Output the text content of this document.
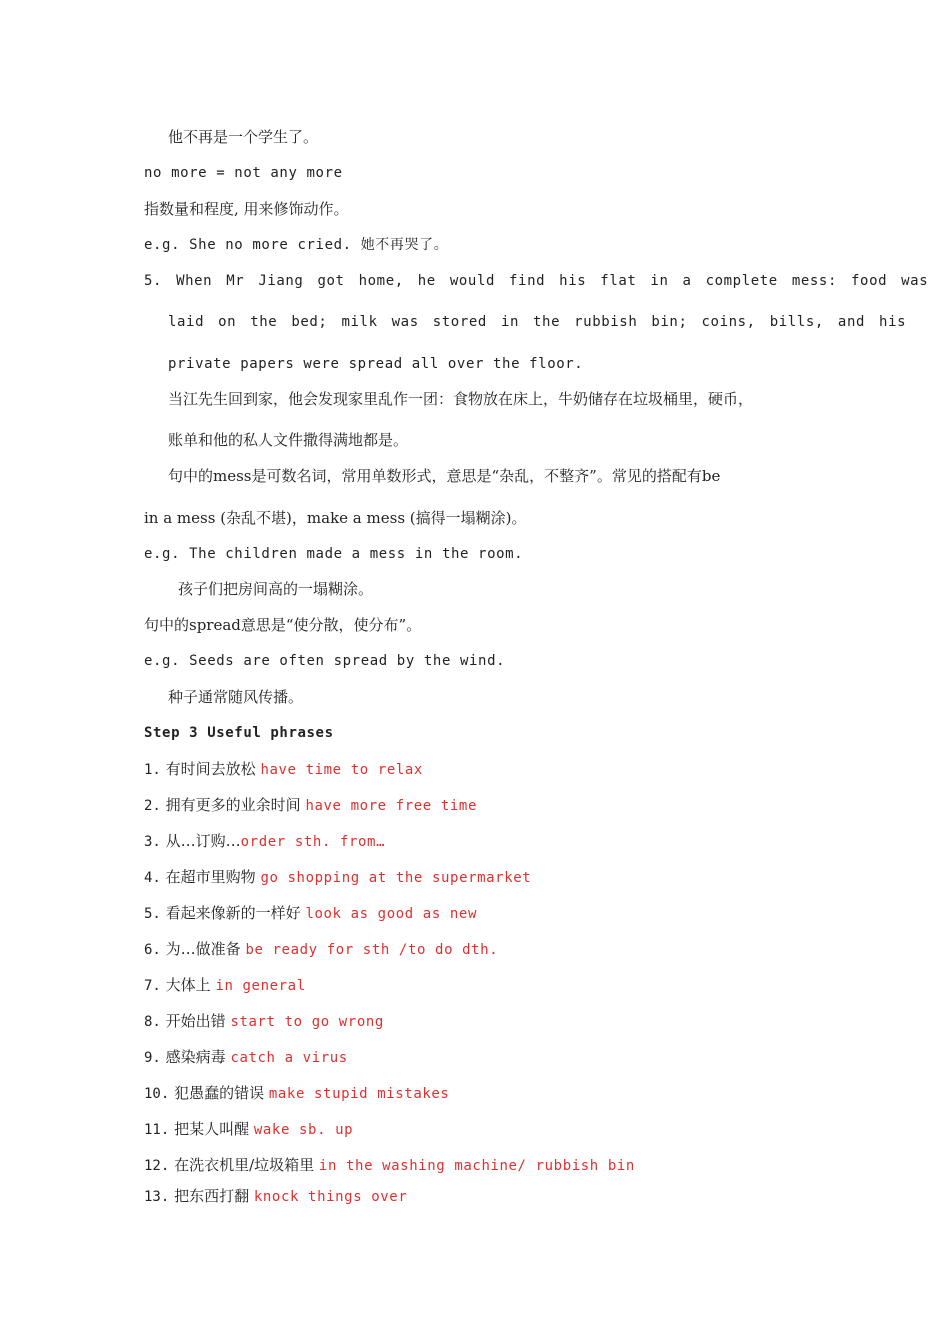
他不再是一个学生了。
no more = not any more
指数量和程度, 用来修饰动作。
e.g. She no more cried. 她不再哭了。
5. When Mr Jiang got home, he would find his flat in a complete mess: food was
laid on the bed; milk was stored in the rubbish bin; coins, bills, and his
private papers were spread all over the floor.
当江先生回到家，他会发现家里乱作一团：食物放在床上，牛奶储存在垃圾桶里，硬币，
账单和他的私人文件撒得满地都是。
句中的mess是可数名词，常用单数形式，意思是“杂乱，不整齐”。常见的搭配有be
in a mess (杂乱不堪)，make a mess (搞得一塌糊涂)。
e.g. The children made a mess in the room.
孩子们把房间高的一塌糊涂。
句中的spread意思是“使分散，使分布”。
e.g. Seeds are often spread by the wind.
种子通常随风传播。
Step 3 Useful phrases
1. 有时间去放松 have time to relax
2. 拥有更多的业余时间 have more free time
3. 从…订购…order sth. from…
4. 在超市里购物 go shopping at the supermarket
5. 看起来像新的一样好 look as good as new
6. 为…做准备 be ready for sth /to do dth.
7. 大体上 in general
8. 开始出错 start to go wrong
9. 感染病毒 catch a virus
10. 犯愚蠢的错误 make stupid mistakes
11. 把某人叫醒 wake sb. up
12. 在洗衣机里/垃圾箱里 in the washing machine/ rubbish bin
13. 把东西打翻 knock things over
